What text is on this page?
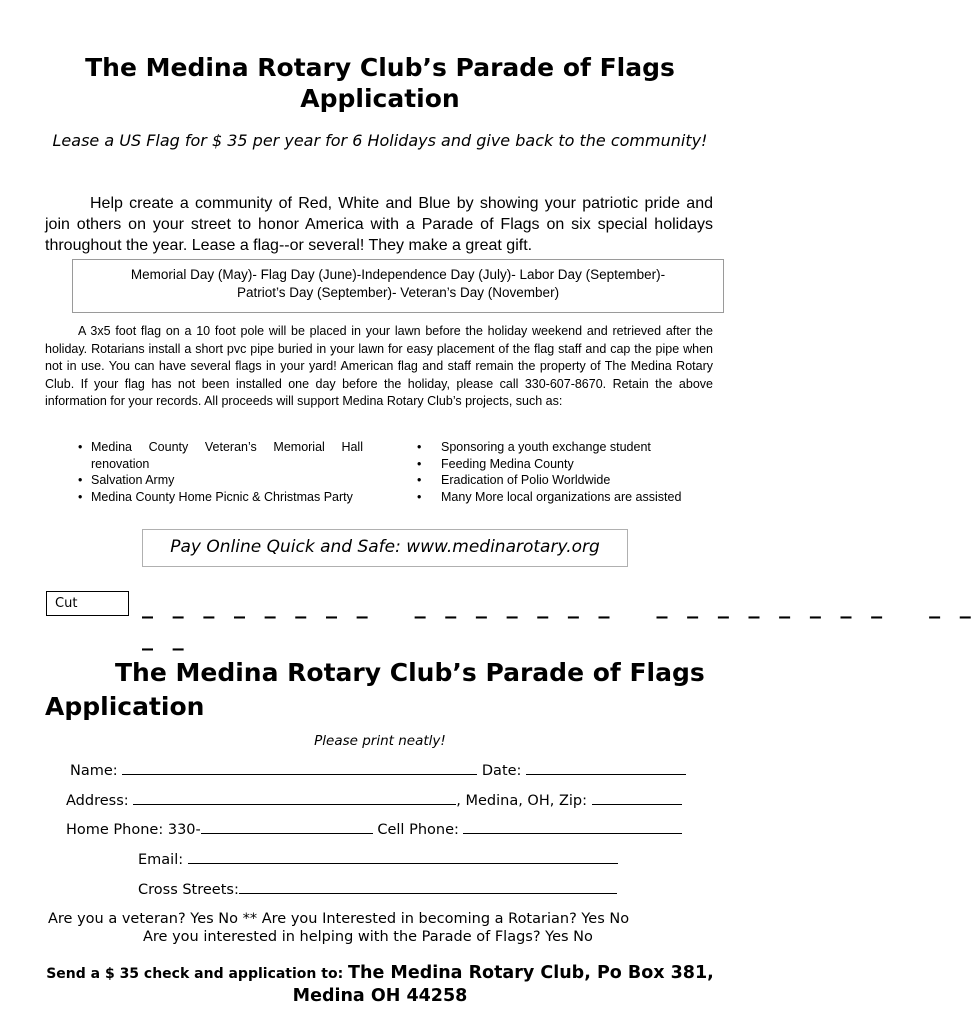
The Medina Rotary Club’s Parade of Flags Application
Lease a US Flag for $ 35 per year for 6 Holidays and give back to the community!
Help create a community of Red, White and Blue by showing your patriotic pride and join others on your street to honor America with a Parade of Flags on six special holidays throughout the year. Lease a flag--or several! They make a great gift.
Memorial Day (May)- Flag Day (June)-Independence Day (July)- Labor Day (September)-
Patriot’s Day (September)- Veteran’s Day (November)
A 3x5 foot flag on a 10 foot pole will be placed in your lawn before the holiday weekend and retrieved after the holiday. Rotarians install a short pvc pipe buried in your lawn for easy placement of the flag staff and cap the pipe when not in use. You can have several flags in your yard! American flag and staff remain the property of The Medina Rotary Club. If your flag has not been installed one day before the holiday, please call 330-607-8670. Retain the above information for your records. All proceeds will support Medina Rotary Club’s projects, such as:
• Medina County Veteran’s Memorial Hall renovation
• Salvation Army
• Medina County Home Picnic & Christmas Party
• Sponsoring a youth exchange student
• Feeding Medina County
• Eradication of Polio Worldwide
• Many More local organizations are assisted
Pay Online Quick and Safe: www.medinarotary.org
Cut	_ _ _ _ _ _ _ _   _ _ _ _ _ _ _   _ _ _ _ _ _ _ _   _ _
_ _
The Medina Rotary Club’s Parade of Flags Application
Please print neatly!
Name:	Date:
Address:	, Medina, OH, Zip:
Home Phone: 330-	Cell Phone:
Email:
Cross Streets:
Are you a veteran? Yes No ** Are you Interested in becoming a Rotarian? Yes No
Are you interested in helping with the Parade of Flags? Yes No
Send a $ 35 check and application to: The Medina Rotary Club, Po Box 381, Medina OH 44258
